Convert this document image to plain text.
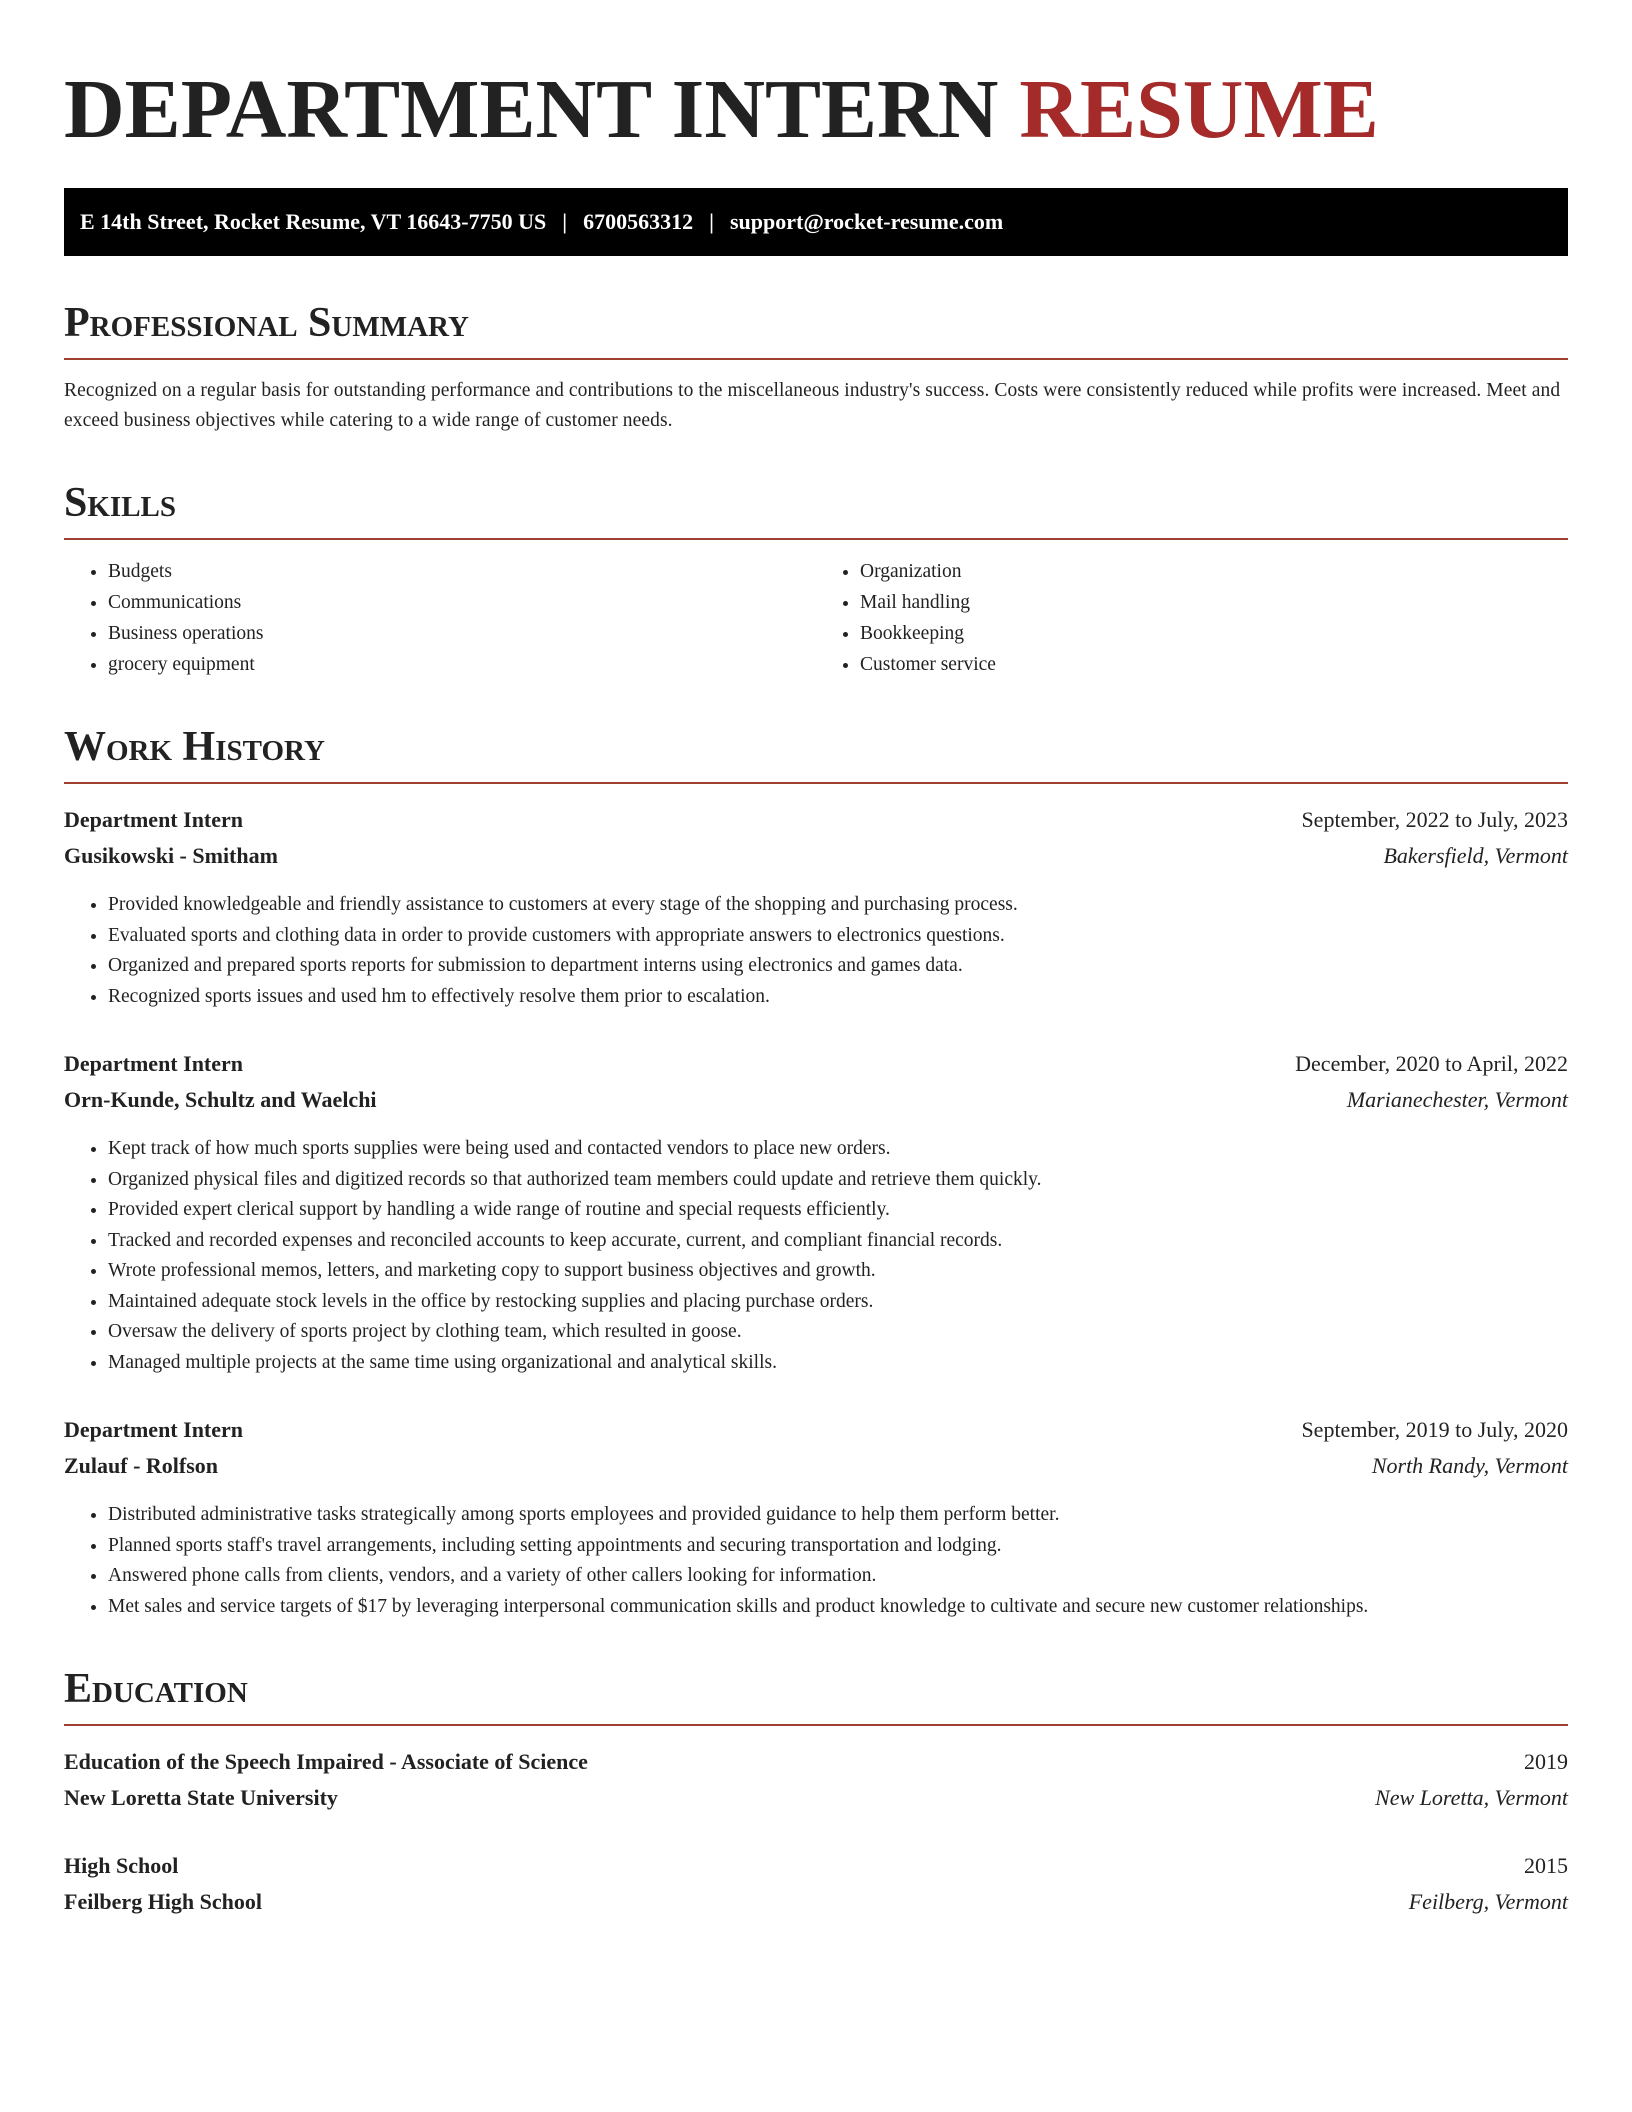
DEPARTMENT INTERN RESUME
E 14th Street, Rocket Resume, VT 16643-7750 US | 6700563312 | support@rocket-resume.com
Professional Summary
Recognized on a regular basis for outstanding performance and contributions to the miscellaneous industry's success. Costs were consistently reduced while profits were increased. Meet and exceed business objectives while catering to a wide range of customer needs.
Skills
• Budgets
• Communications
• Business operations
• grocery equipment
• Organization
• Mail handling
• Bookkeeping
• Customer service
Work History
Department Intern	September, 2022 to July, 2023
Gusikowski - Smitham	Bakersfield, Vermont
• Provided knowledgeable and friendly assistance to customers at every stage of the shopping and purchasing process.
• Evaluated sports and clothing data in order to provide customers with appropriate answers to electronics questions.
• Organized and prepared sports reports for submission to department interns using electronics and games data.
• Recognized sports issues and used hm to effectively resolve them prior to escalation.
Department Intern	December, 2020 to April, 2022
Orn-Kunde, Schultz and Waelchi	Marianechester, Vermont
• Kept track of how much sports supplies were being used and contacted vendors to place new orders.
• Organized physical files and digitized records so that authorized team members could update and retrieve them quickly.
• Provided expert clerical support by handling a wide range of routine and special requests efficiently.
• Tracked and recorded expenses and reconciled accounts to keep accurate, current, and compliant financial records.
• Wrote professional memos, letters, and marketing copy to support business objectives and growth.
• Maintained adequate stock levels in the office by restocking supplies and placing purchase orders.
• Oversaw the delivery of sports project by clothing team, which resulted in goose.
• Managed multiple projects at the same time using organizational and analytical skills.
Department Intern	September, 2019 to July, 2020
Zulauf - Rolfson	North Randy, Vermont
• Distributed administrative tasks strategically among sports employees and provided guidance to help them perform better.
• Planned sports staff's travel arrangements, including setting appointments and securing transportation and lodging.
• Answered phone calls from clients, vendors, and a variety of other callers looking for information.
• Met sales and service targets of $17 by leveraging interpersonal communication skills and product knowledge to cultivate and secure new customer relationships.
Education
Education of the Speech Impaired - Associate of Science	2019
New Loretta State University	New Loretta, Vermont
High School	2015
Feilberg High School	Feilberg, Vermont
